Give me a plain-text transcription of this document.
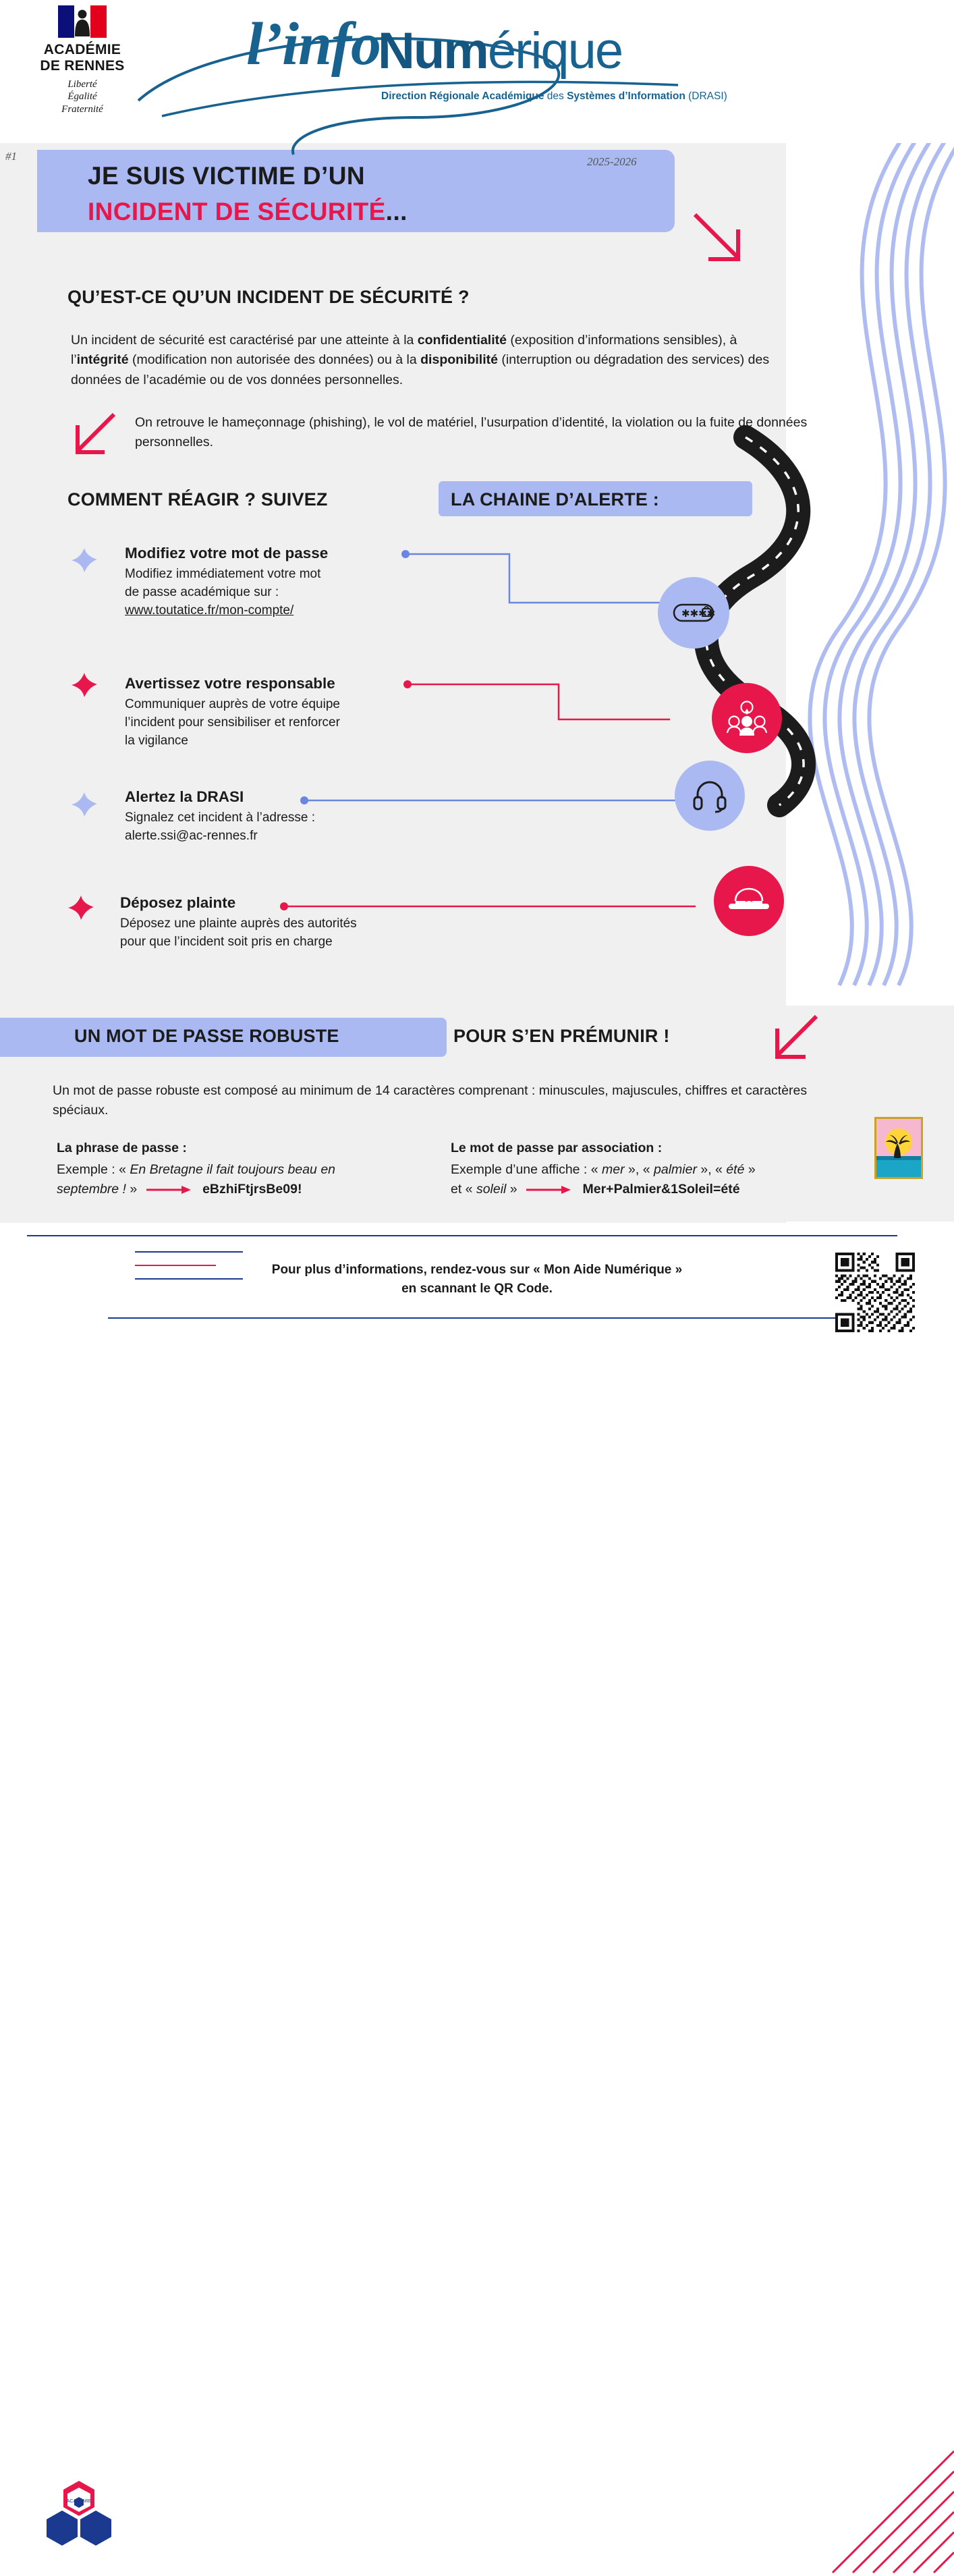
ACADÉMIE
DE RENNES
Liberté
Égalité
Fraternité
l’info
Numérique
Direction Régionale Académique des Systèmes d’Information (DRASI)
#1	2025-2026
JE SUIS VICTIME D’UN
INCIDENT DE SÉCURITÉ...
QU’EST-CE QU’UN INCIDENT DE SÉCURITÉ ?
Un incident de sécurité est caractérisé par une atteinte à la confidentialité (exposition d’informations sensibles), à l’intégrité (modification non autorisée des données) ou à la disponibilité (interruption ou dégradation des services) des données de l’académie ou de vos données personnelles.
On retrouve le hameçonnage (phishing), le vol de matériel, l’usurpation d’identité, la violation ou la fuite de données personnelles.
COMMENT RÉAGIR ? SUIVEZ	LA CHAINE D’ALERTE :
Modifiez votre mot de passe
Modifiez immédiatement votre mot
de passe académique sur :
www.toutatice.fr/mon-compte/	✱✱✱✱
Avertissez votre responsable
Communiquer auprès de votre équipe
l’incident pour sensibiliser et renforcer
la vigilance
Alertez la DRASI
Signalez cet incident à l’adresse :
alerte.ssi@ac-rennes.fr
Déposez plainte
Déposez une plainte auprès des autorités
pour que l’incident soit pris en charge
UN MOT DE PASSE ROBUSTE	POUR S’EN PRÉMUNIR !
Un mot de passe robuste est composé au minimum de 14 caractères comprenant : minuscules, majuscules, chiffres et caractères spéciaux.
La phrase de passe :
Exemple : « En Bretagne il fait toujours beau en
septembre ! »	eBzhiFtjrsBe09!
Le mot de passe par association :
Exemple d’une affiche : « mer », « palmier », « été »
et « soleil »	Mer+Palmier&1Soleil=été
ACADÉMIE
Pour plus d’informations, rendez-vous sur « Mon Aide Numérique »
en scannant le QR Code.
